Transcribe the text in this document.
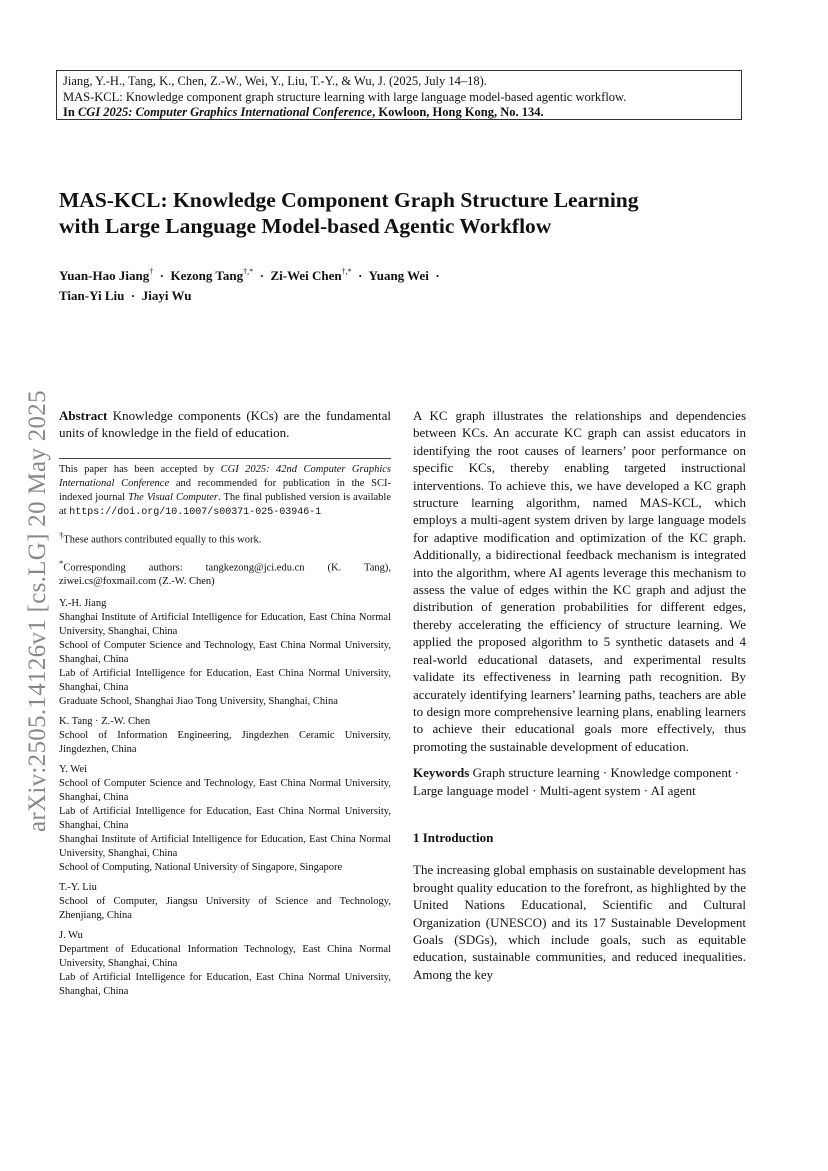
Jiang, Y.-H., Tang, K., Chen, Z.-W., Wei, Y., Liu, T.-Y., & Wu, J. (2025, July 14–18).
MAS-KCL: Knowledge component graph structure learning with large language model-based agentic workflow.
In CGI 2025: Computer Graphics International Conference, Kowloon, Hong Kong, No. 134.
MAS-KCL: Knowledge Component Graph Structure Learning
with Large Language Model-based Agentic Workflow
Yuan-Hao Jiang† · Kezong Tang†,* · Zi-Wei Chen†,* · Yuang Wei ·
Tian-Yi Liu · Jiayi Wu
arXiv:2505.14126v1 [cs.LG] 20 May 2025 Abstract Knowledge components (KCs) are the fundamental units of knowledge in the field of education.

This paper has been accepted by CGI 2025: 42nd Computer Graphics International Conference and recommended for publication in the SCI-indexed journal The Visual Computer. The final published version is available at https://doi.org/10.1007/s00371-025-03946-1

†These authors contributed equally to this work.

*Corresponding authors: tangkezong@jci.edu.cn (K. Tang), ziwei.cs@foxmail.com (Z.-W. Chen)

Y.-H. Jiang
Shanghai Institute of Artificial Intelligence for Education, East China Normal University, Shanghai, China
School of Computer Science and Technology, East China Normal University, Shanghai, China
Lab of Artificial Intelligence for Education, East China Normal University, Shanghai, China
Graduate School, Shanghai Jiao Tong University, Shanghai, China
K. Tang · Z.-W. Chen
School of Information Engineering, Jingdezhen Ceramic University, Jingdezhen, China
Y. Wei
School of Computer Science and Technology, East China Normal University, Shanghai, China
Lab of Artificial Intelligence for Education, East China Normal University, Shanghai, China
Shanghai Institute of Artificial Intelligence for Education, East China Normal University, Shanghai, China
School of Computing, National University of Singapore, Singapore
T.-Y. Liu
School of Computer, Jiangsu University of Science and Technology, Zhenjiang, China
J. Wu
Department of Educational Information Technology, East China Normal University, Shanghai, China
Lab of Artificial Intelligence for Education, East China Normal University, Shanghai, China
A KC graph illustrates the relationships and dependencies between KCs. An accurate KC graph can assist educators in identifying the root causes of learners’ poor performance on specific KCs, thereby enabling targeted instructional interventions. To achieve this, we have developed a KC graph structure learning algorithm, named MAS-KCL, which employs a multi-agent system driven by large language models for adaptive modification and optimization of the KC graph. Additionally, a bidirectional feedback mechanism is integrated into the algorithm, where AI agents leverage this mechanism to assess the value of edges within the KC graph and adjust the distribution of generation probabilities for different edges, thereby accelerating the efficiency of structure learning. We applied the proposed algorithm to 5 synthetic datasets and 4 real-world educational datasets, and experimental results validate its effectiveness in learning path recognition. By accurately identifying learners’ learning paths, teachers are able to design more comprehensive learning plans, enabling learners to achieve their educational goals more effectively, thus promoting the sustainable development of education.
Keywords Graph structure learning · Knowledge component · Large language model · Multi-agent system · AI agent
1 Introduction
The increasing global emphasis on sustainable development has brought quality education to the forefront, as highlighted by the United Nations Educational, Scientific and Cultural Organization (UNESCO) and its 17 Sustainable Development Goals (SDGs), which include goals, such as equitable education, sustainable communities, and reduced inequalities. Among the key
